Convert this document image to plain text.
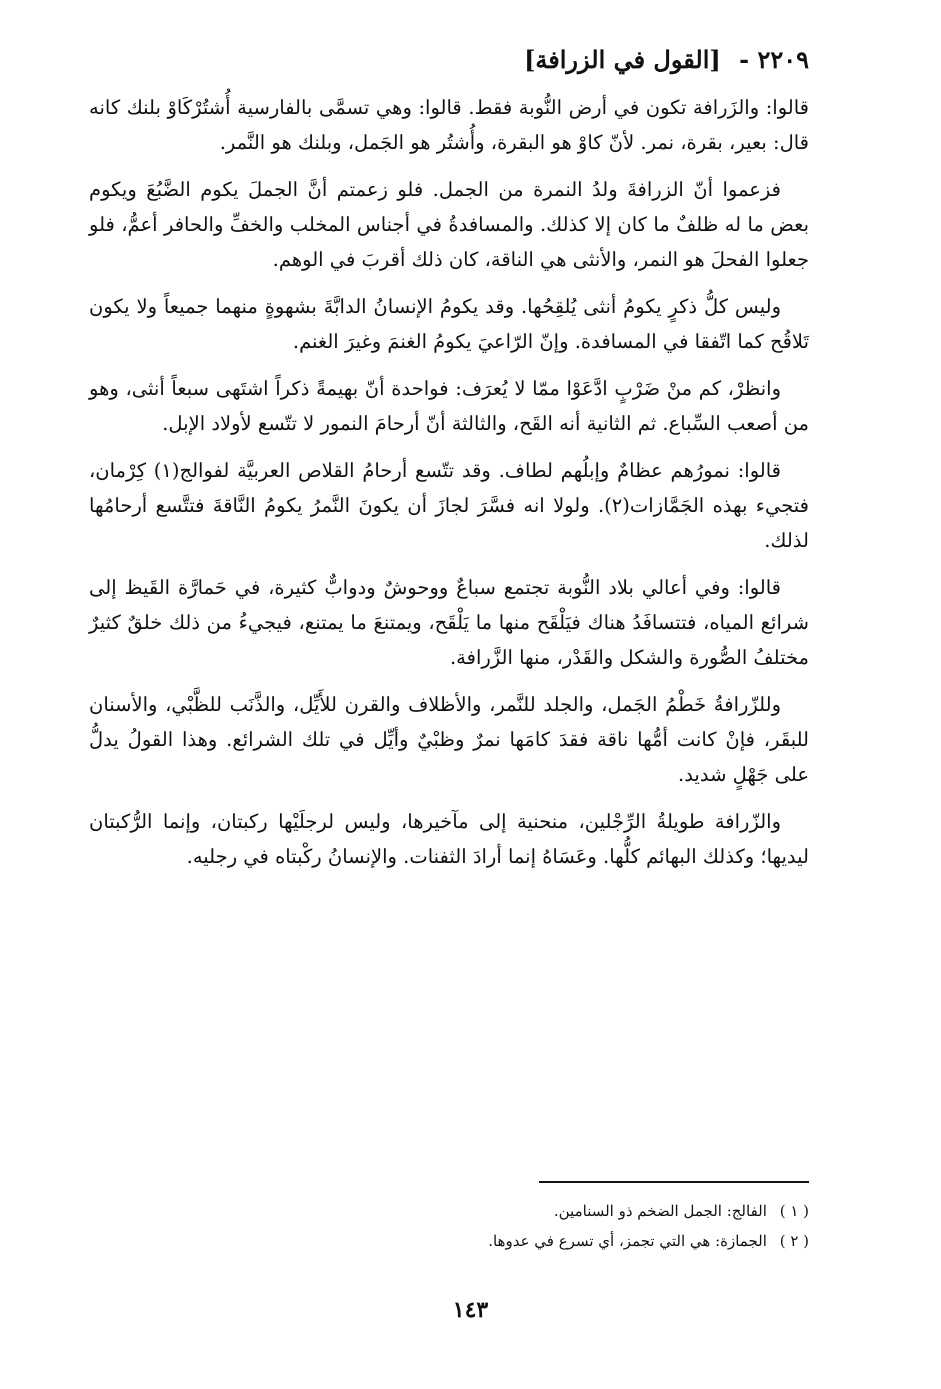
٢٢٠٩ - [القول في الزرافة]

قالوا: والزَرافة تكون في أرض النُّوبة فقط. قالوا: وهي تسمَّى بالفارسية أُشتُرْكَاوْ بلنك كانه قال: بعير، بقرة، نمر. لأنّ كاوْ هو البقرة، وأُشتُر هو الجَمل، وبلنك هو النَّمر.

فزعموا أنّ الزرافةَ ولدُ النمرة من الجمل. فلو زعمتم أنَّ الجملَ يكوم الضَّبُعَ ويكوم بعض ما له ظلفٌ ما كان إلا كذلك. والمسافدةُ في أجناس المخلب والخفِّ والحافر أعمُّ، فلو جعلوا الفحلَ هو النمر، والأنثى هي الناقة، كان ذلك أقربَ في الوهم.

وليس كلُّ ذكرٍ يكومُ أنثى يُلقِحُها. وقد يكومُ الإنسانُ الدابَّةَ بشهوةٍ منهما جميعاً ولا يكون تَلاقُح كما اتّفقا في المسافدة. وإنّ الرّاعيَ يكومُ الغنمَ وغيرَ الغنم.

وانظرْ، كم منْ ضَرْبٍ ادَّعَوْا ممّا لا يُعرَف: فواحدة أنّ بهيمةً ذكراً اشتَهى سبعاً أنثى، وهو من أصعب السِّباع. ثم الثانية أنه القَح، والثالثة أنّ أرحامَ النمور لا تتّسع لأولاد الإبل.

قالوا: نمورُهم عظامٌ وإبلُهم لطاف. وقد تتّسع أرحامُ القلاص العربيَّة لفوالج(١) كِرْمان، فتجيء بهذه الجَمَّازات(٢). ولولا انه فسَّرَ لجازَ أن يكونَ النَّمرُ يكومُ النَّاقةَ فتتَّسع أرحامُها لذلك.

قالوا: وفي أعالي بلاد النُّوبة تجتمع سباعٌ ووحوشٌ ودوابٌّ كثيرة، في حَمارَّة القَيظ إلى شرائع المياه، فتتسافَدُ هناك فيَلْقَح منها ما يَلْقَح، ويمتنعَ ما يمتنع، فيجيءُ من ذلك خلقٌ كثيرٌ مختلفُ الصُّورة والشكل والقَدْر، منها الزَّرافة.

وللزّرافةُ خَطْمُ الجَمل، والجلد للنَّمر، والأظلاف والقرن للأَيِّل، والذَّنَب للظَّبْي، والأسنان للبقَر، فإنْ كانت أمُّها ناقة فقدَ كامَها نمرٌ وظبْيٌ وأيِّل في تلك الشرائع. وهذا القولُ يدلُّ على جَهْلٍ شديد.

والزّرافة طويلةُ الرِّجْلين، منحنية إلى مآخيرها، وليس لرجلَيْها ركبتان، وإنما الرُّكبتان ليديها؛ وكذلك البهائم كلُّها. وعَسَاهُ إنما أرادَ الثفنات. والإنسانُ ركْبتاه في رجليه.

( ١ ) الفالج: الجمل الضخم ذو السنامين.
( ٢ ) الجمازة: هي التي تجمز، أي تسرع في عدوها.
١٤٣
